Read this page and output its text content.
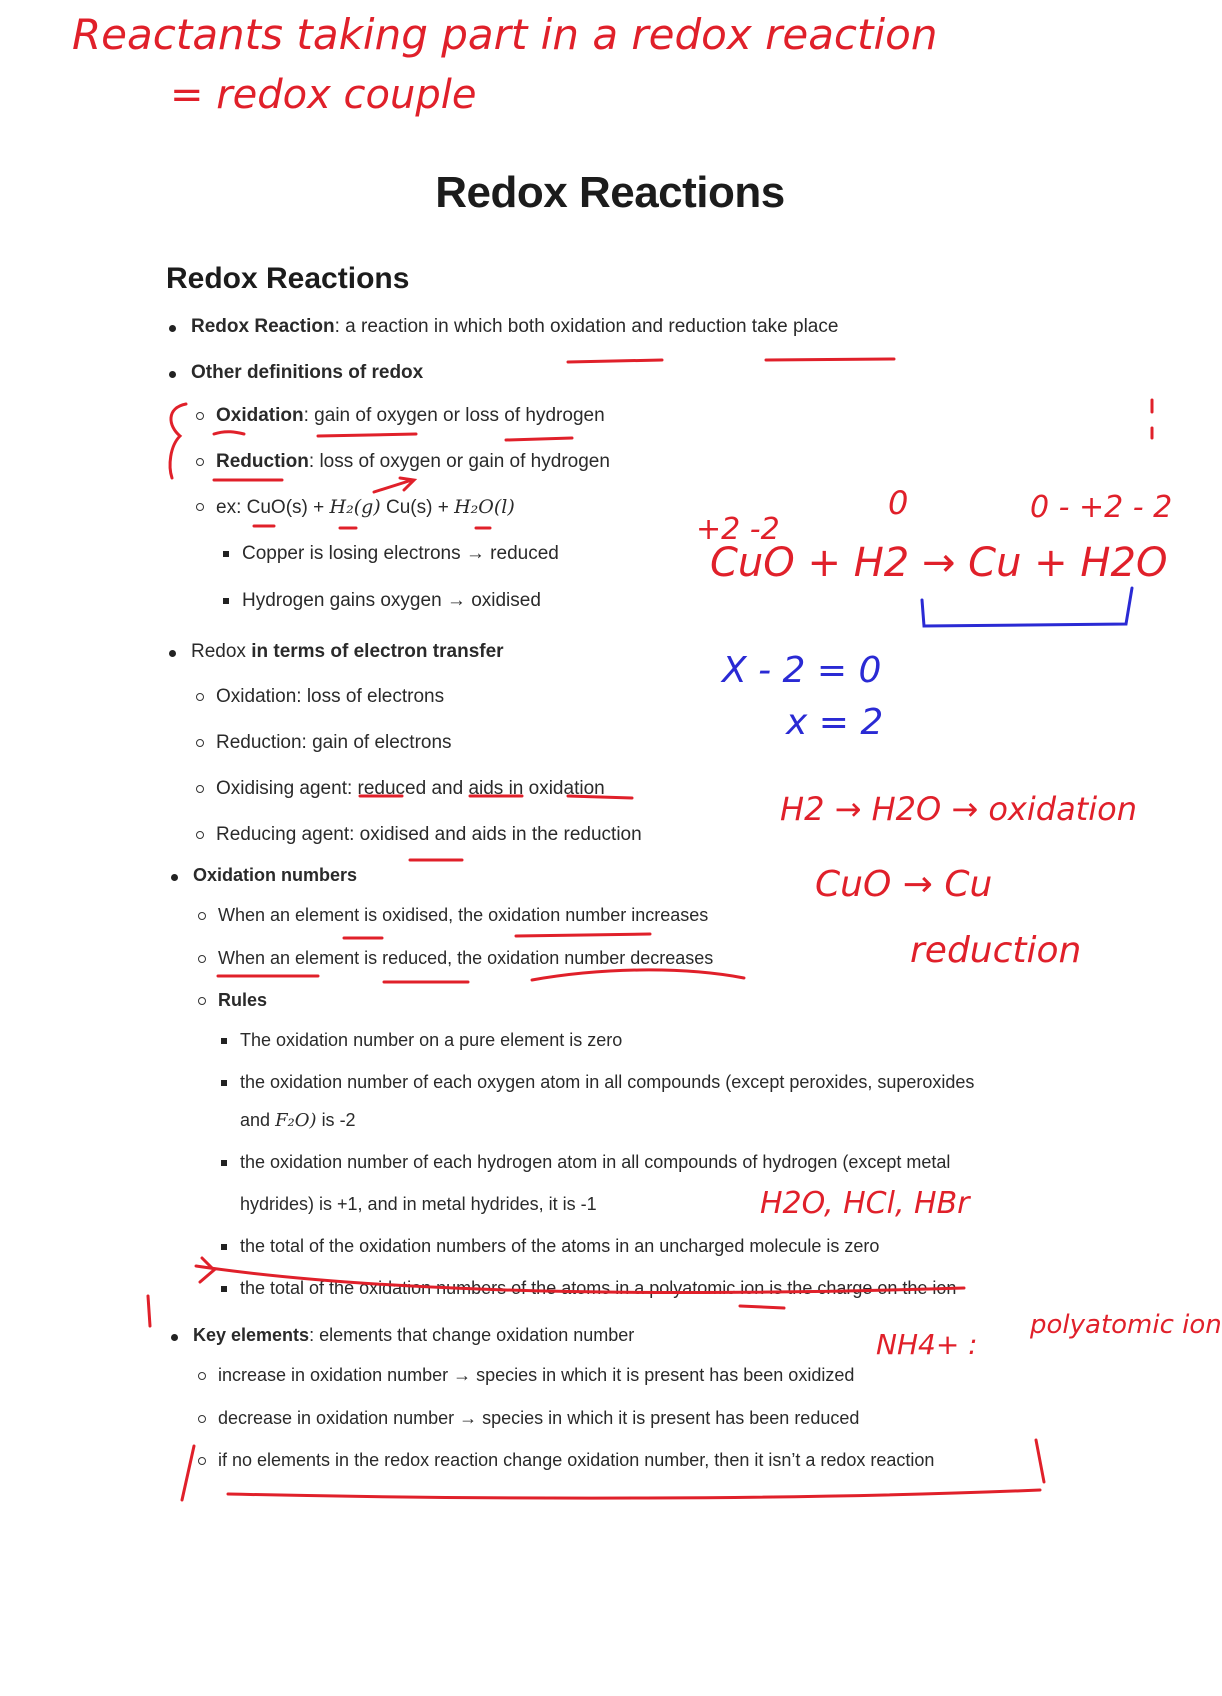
Reactants taking part in a redox reaction
= redox couple
Redox Reactions
Redox Reactions
Redox Reaction: a reaction in which both oxidation and reduction take place
Other definitions of redox
Oxidation: gain of oxygen or loss of hydrogen
Reduction: loss of oxygen or gain of hydrogen
ex: CuO(s) + H₂(g) Cu(s) + H₂O(l)
Copper is losing electrons → reduced
Hydrogen gains oxygen → oxidised
Redox in terms of electron transfer
Oxidation: loss of electrons
Reduction: gain of electrons
Oxidising agent: reduced and aids in oxidation
Reducing agent: oxidised and aids in the reduction
Oxidation numbers
When an element is oxidised, the oxidation number increases
When an element is reduced, the oxidation number decreases
Rules
The oxidation number on a pure element is zero
the oxidation number of each oxygen atom in all compounds (except peroxides, superoxides
and F₂O) is -2
the oxidation number of each hydrogen atom in all compounds of hydrogen (except metal
hydrides) is +1, and in metal hydrides, it is -1
the total of the oxidation numbers of the atoms in an uncharged molecule is zero
the total of the oxidation numbers of the atoms in a polyatomic ion is the charge on the ion
Key elements: elements that change oxidation number
increase in oxidation number → species in which it is present has been oxidized
decrease in oxidation number → species in which it is present has been reduced
if no elements in the redox reaction change oxidation number, then it isn’t a redox reaction
+2 -2
0	0 - +2 - 2
CuO + H2 → Cu + H2O
X - 2 = 0
x = 2
H2 → H2O → oxidation
CuO → Cu
reduction
H2O, HCl, HBr
NH4+ :
polyatomic ion
